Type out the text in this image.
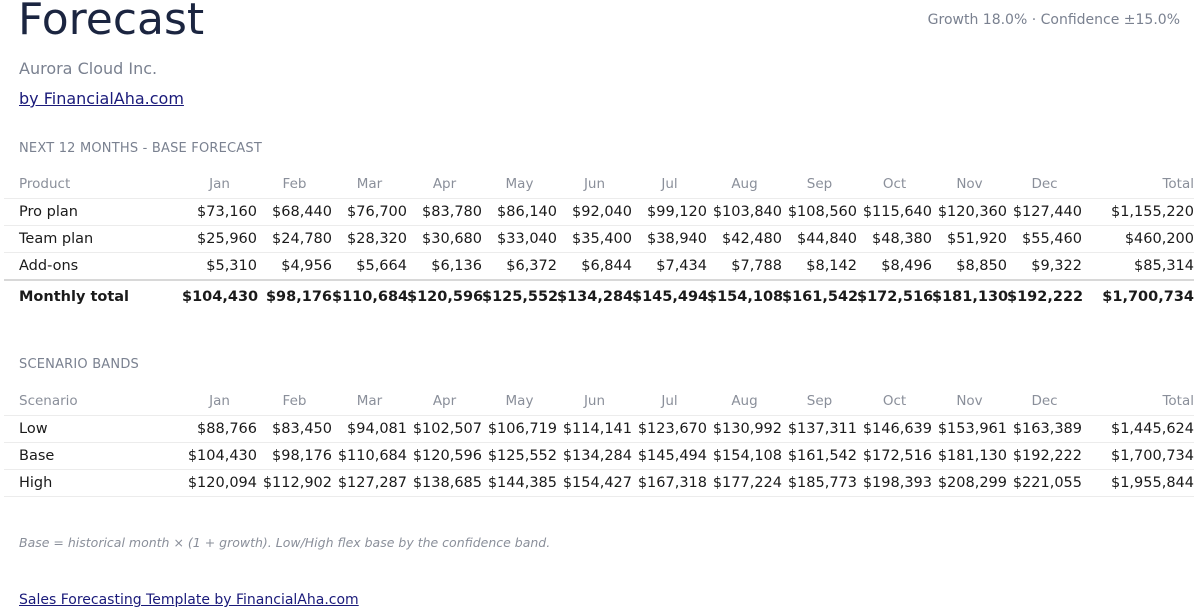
Forecast	Growth 18.0% · Confidence ±15.0%
Aurora Cloud Inc.
by FinancialAha.com
NEXT 12 MONTHS - BASE FORECAST
Product	Jan	Feb	Mar	Apr	May	Jun	Jul	Aug	Sep	Oct	Nov	Dec	Total
Pro plan	$73,160	$68,440	$76,700	$83,780	$86,140	$92,040	$99,120	$103,840	$108,560	$115,640	$120,360	$127,440	$1,155,220
Team plan	$25,960	$24,780	$28,320	$30,680	$33,040	$35,400	$38,940	$42,480	$44,840	$48,380	$51,920	$55,460	$460,200
Add-ons	$5,310	$4,956	$5,664	$6,136	$6,372	$6,844	$7,434	$7,788	$8,142	$8,496	$8,850	$9,322	$85,314
Monthly total	$104,430	$98,176	$110,684	$120,596	$125,552	$134,284	$145,494	$154,108	$161,542	$172,516	$181,130	$192,222	$1,700,734
SCENARIO BANDS
Scenario	Jan	Feb	Mar	Apr	May	Jun	Jul	Aug	Sep	Oct	Nov	Dec	Total
Low	$88,766	$83,450	$94,081	$102,507	$106,719	$114,141	$123,670	$130,992	$137,311	$146,639	$153,961	$163,389	$1,445,624
Base	$104,430	$98,176	$110,684	$120,596	$125,552	$134,284	$145,494	$154,108	$161,542	$172,516	$181,130	$192,222	$1,700,734
High	$120,094	$112,902	$127,287	$138,685	$144,385	$154,427	$167,318	$177,224	$185,773	$198,393	$208,299	$221,055	$1,955,844
Base = historical month × (1 + growth). Low/High flex base by the confidence band.
Sales Forecasting Template by FinancialAha.com
